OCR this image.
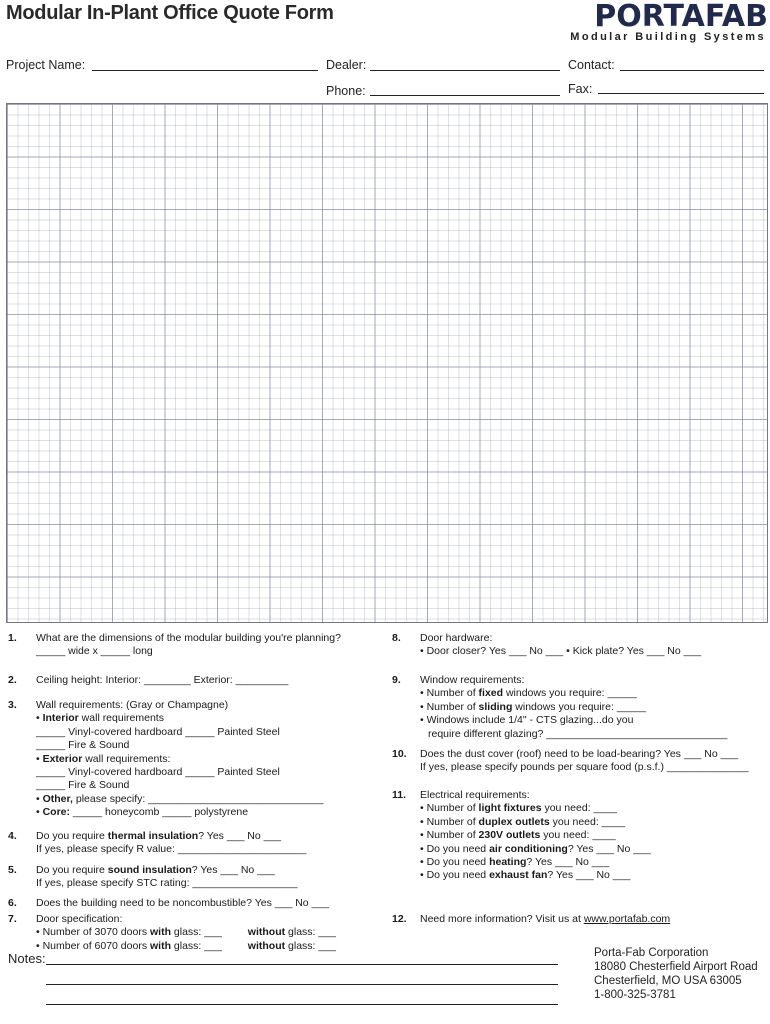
Modular In-Plant Office Quote Form	PORTAFAB
Modular Building Systems
Project Name:	Dealer:	Contact:
Phone:	Fax:
1. What are the dimensions of the modular building you're planning?
_____ wide x _____ long
2. Ceiling height: Interior: ________ Exterior: _________
3. Wall requirements: (Gray or Champagne)
• Interior wall requirements
_____ Vinyl-covered hardboard _____ Painted Steel
_____ Fire & Sound
• Exterior wall requirements:
_____ Vinyl-covered hardboard _____ Painted Steel
_____ Fire & Sound
• Other, please specify: ______________________________
• Core: _____ honeycomb _____ polystyrene
4. Do you require thermal insulation? Yes ___ No ___
If yes, please specify R value: ______________________
5. Do you require sound insulation? Yes ___ No ___
If yes, please specify STC rating: __________________
6. Does the building need to be noncombustible? Yes ___ No ___
7. Door specification:
• Number of 3070 doors with glass: ___ without glass: ___
• Number of 6070 doors with glass: ___ without glass: ___
8. Door hardware:
• Door closer? Yes ___ No ___ • Kick plate? Yes ___ No ___
9. Window requirements:
• Number of fixed windows you require: _____
• Number of sliding windows you require: _____
• Windows include 1/4" - CTS glazing...do you
require different glazing? _______________________________
10. Does the dust cover (roof) need to be load-bearing? Yes ___ No ___
If yes, please specify pounds per square food (p.s.f.) ______________
11. Electrical requirements:
• Number of light fixtures you need: ____
• Number of duplex outlets you need: ____
• Number of 230V outlets you need: ____
• Do you need air conditioning? Yes ___ No ___
• Do you need heating? Yes ___ No ___
• Do you need exhaust fan? Yes ___ No ___
12. Need more information? Visit us at www.portafab.com
Notes:	Porta-Fab Corporation
18080 Chesterfield Airport Road
Chesterfield, MO USA 63005
1-800-325-3781
